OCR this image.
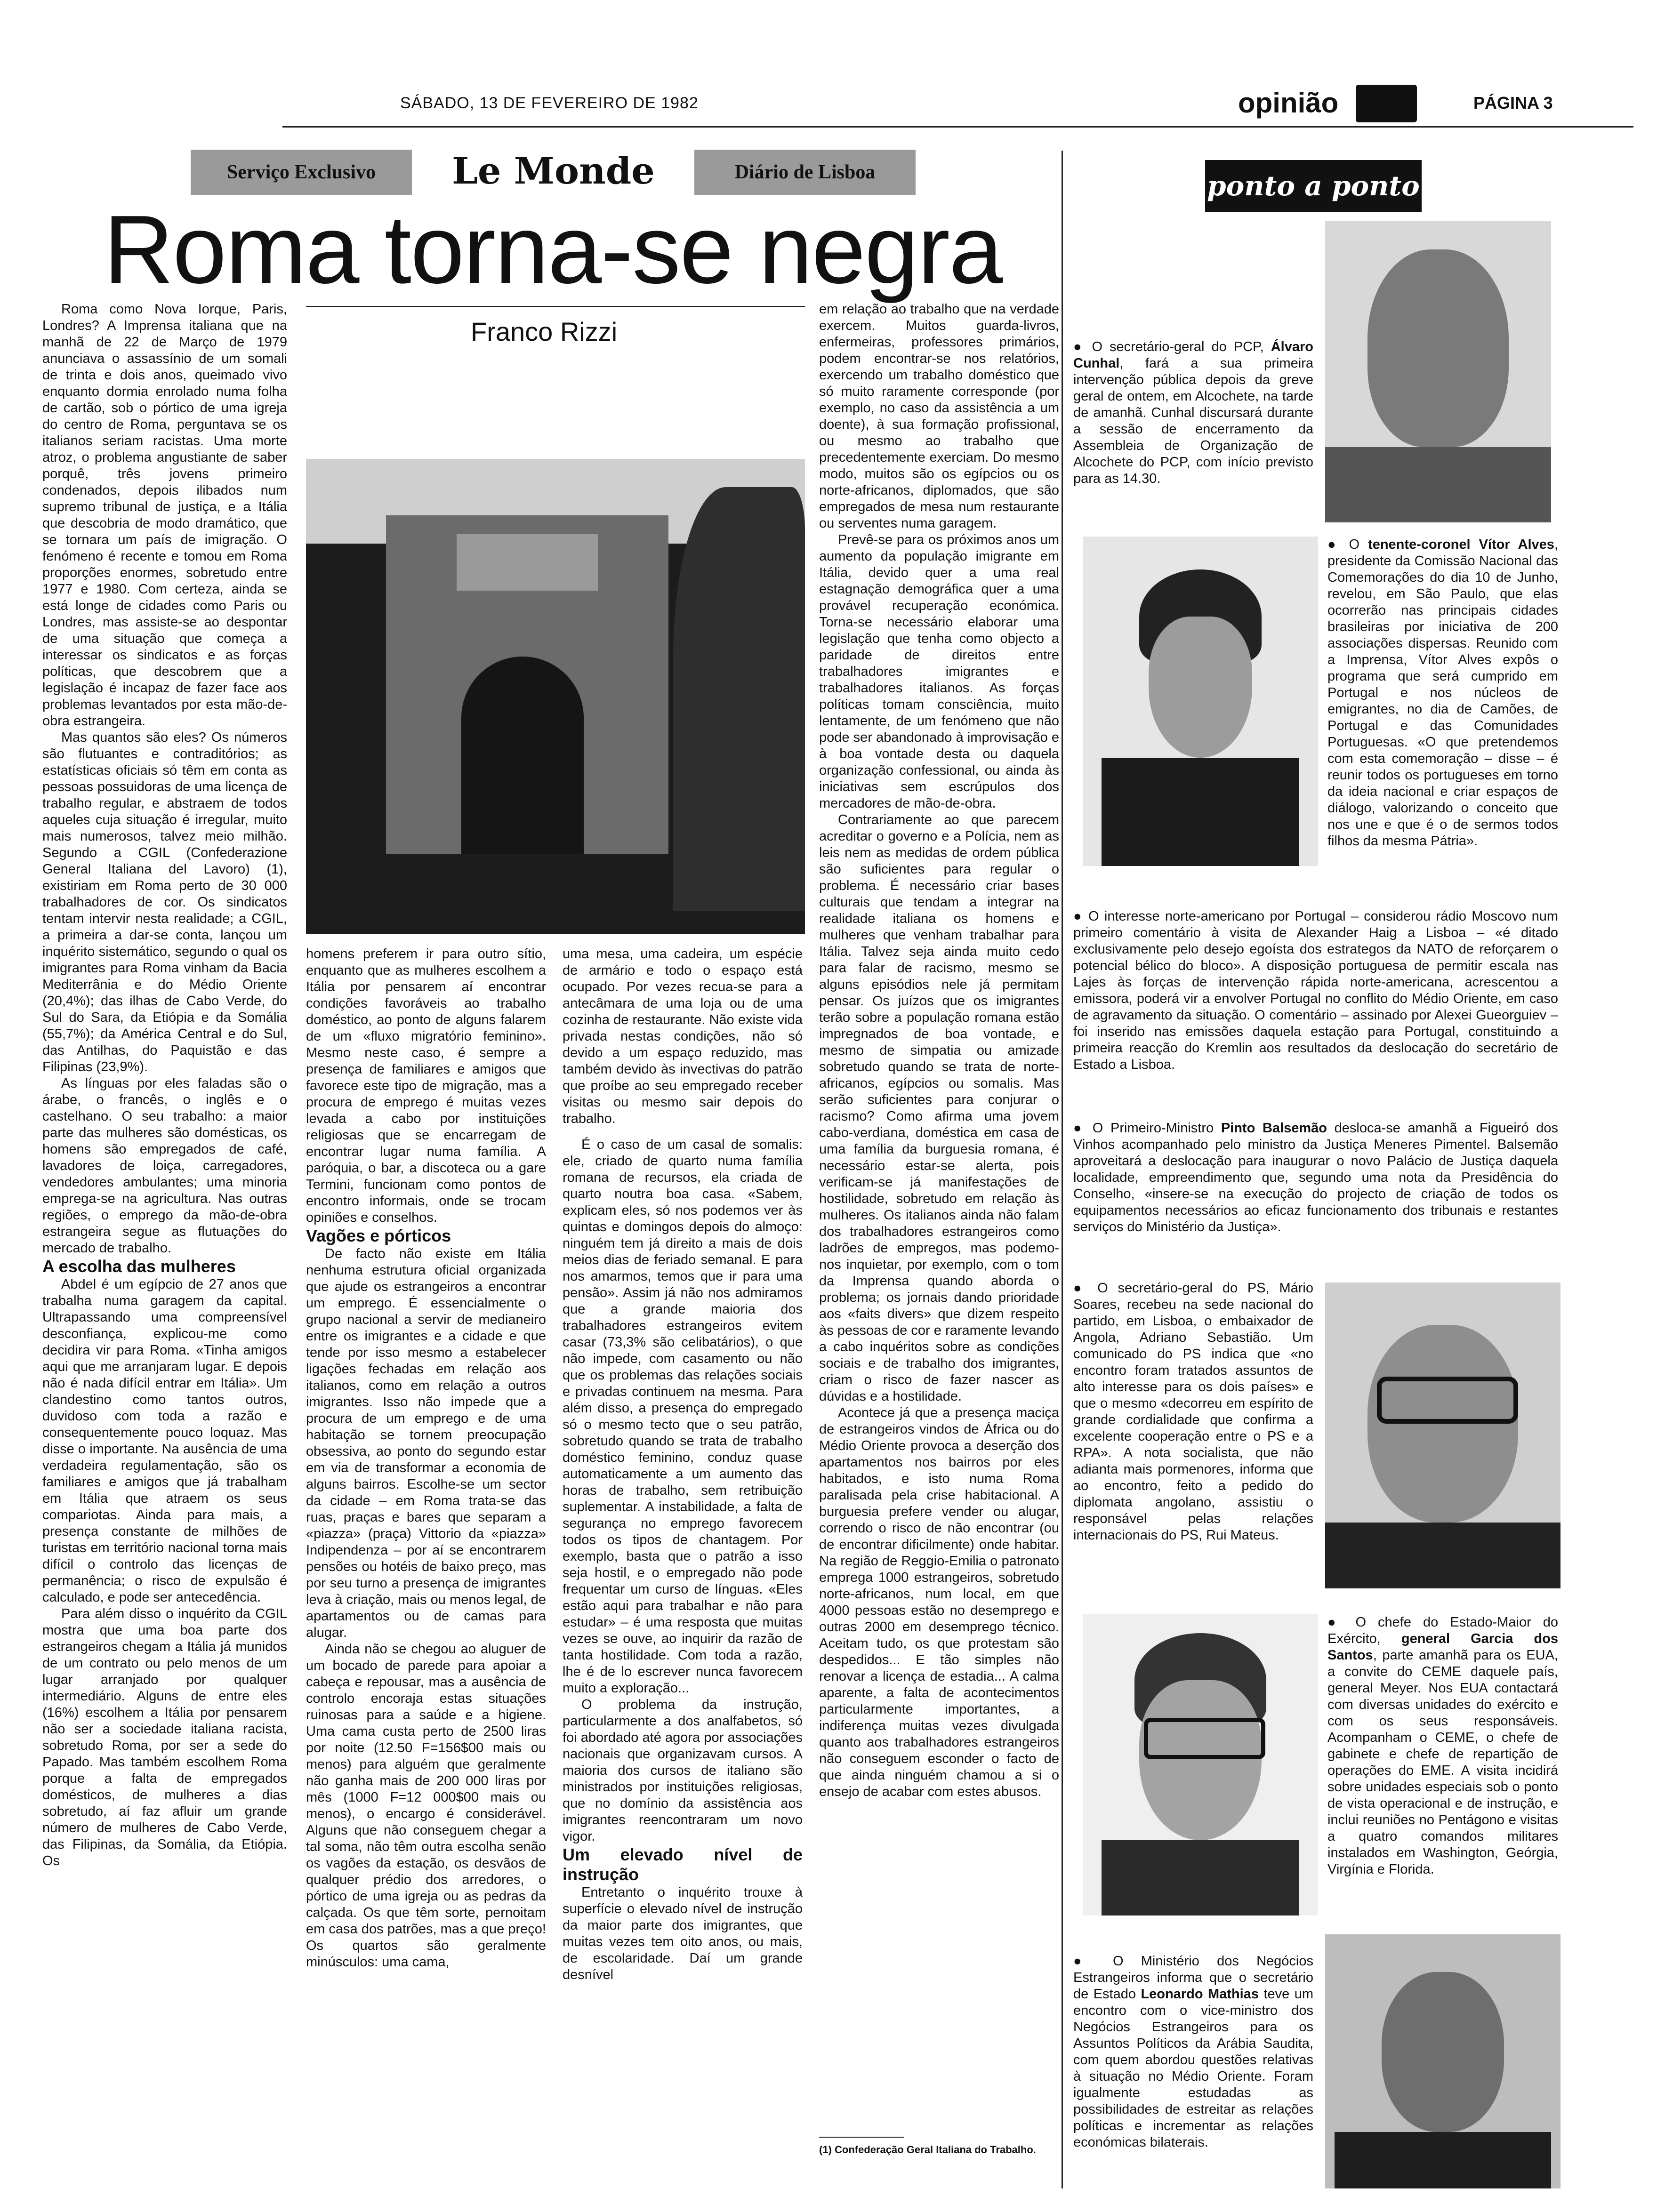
SÁBADO, 13 DE FEVEREIRO DE 1982	opinião	PÁGINA 3
Serviço Exclusivo Le Monde	Diário de Lisboa
Roma torna-se negra
Franco Rizzi

Roma como Nova Iorque, Paris, Londres? A Imprensa italiana que na manhã de 22 de Março de 1979 anunciava o assassínio de um somali de trinta e dois anos, queimado vivo enquanto dormia enrolado numa folha de cartão, sob o pórtico de uma igreja do centro de Roma, perguntava se os italianos seriam racistas. Uma morte atroz, o problema angustiante de saber porquê, três jovens primeiro condenados, depois ilibados num supremo tribunal de justiça, e a Itália que descobria de modo dramático, que se tornara um país de imigração. O fenómeno é recente e tomou em Roma proporções enormes, sobretudo entre 1977 e 1980. Com certeza, ainda se está longe de cidades como Paris ou Londres, mas assiste-se ao despontar de uma situação que começa a interessar os sindicatos e as forças políticas, que descobrem que a legislação é incapaz de fazer face aos problemas levantados por esta mão-de-obra estrangeira.

Mas quantos são eles? Os números são flutuantes e contraditórios; as estatísticas oficiais só têm em conta as pessoas possuidoras de uma licença de trabalho regular, e abstraem de todos aqueles cuja situação é irregular, muito mais numerosos, talvez meio milhão. Segundo a CGIL (Confederazione General Italiana del Lavoro) (1), existiriam em Roma perto de 30 000 trabalhadores de cor. Os sindicatos tentam intervir nesta realidade; a CGIL, a primeira a dar-se conta, lançou um inquérito sistemático, segundo o qual os imigrantes para Roma vinham da Bacia Mediterrânia e do Médio Oriente (20,4%); das ilhas de Cabo Verde, do Sul do Sara, da Etiópia e da Somália (55,7%); da América Central e do Sul, das Antilhas, do Paquistão e das Filipinas (23,9%).

As línguas por eles faladas são o árabe, o francês, o inglês e o castelhano. O seu trabalho: a maior parte das mulheres são domésticas, os homens são empregados de café, lavadores de loiça, carregadores, vendedores ambulantes; uma minoria emprega-se na agricultura. Nas outras regiões, o emprego da mão-de-obra estrangeira segue as flutuações do mercado de trabalho.

A escolha das mulheres

Abdel é um egípcio de 27 anos que trabalha numa garagem da capital. Ultrapassando uma compreensível desconfiança, explicou-me como decidira vir para Roma. «Tinha amigos aqui que me arranjaram lugar. E depois não é nada difícil entrar em Itália». Um clandestino como tantos outros, duvidoso com toda a razão e consequentemente pouco loquaz. Mas disse o importante. Na ausência de uma verdadeira regulamentação, são os familiares e amigos que já trabalham em Itália que atraem os seus compariotas. Ainda para mais, a presença constante de milhões de turistas em território nacional torna mais difícil o controlo das licenças de permanência; o risco de expulsão é calculado, e pode ser antecedência.

Para além disso o inquérito da CGIL mostra que uma boa parte dos estrangeiros chegam a Itália já munidos de um contrato ou pelo menos de um lugar arranjado por qualquer intermediário. Alguns de entre eles (16%) escolhem a Itália por pensarem não ser a sociedade italiana racista, sobretudo Roma, por ser a sede do Papado. Mas também escolhem Roma porque a falta de empregados domésticos, de mulheres a dias sobretudo, aí faz afluir um grande número de mulheres de Cabo Verde, das Filipinas, da Somália, da Etiópia. Os

homens preferem ir para outro sítio, enquanto que as mulheres escolhem a Itália por pensarem aí encontrar condições favoráveis ao trabalho doméstico, ao ponto de alguns falarem de um «fluxo migratório feminino». Mesmo neste caso, é sempre a presença de familiares e amigos que favorece este tipo de migração, mas a procura de emprego é muitas vezes levada a cabo por instituições religiosas que se encarregam de encontrar lugar numa família. A paróquia, o bar, a discoteca ou a gare Termini, funcionam como pontos de encontro informais, onde se trocam opiniões e conselhos.

Vagões e pórticos

De facto não existe em Itália nenhuma estrutura oficial organizada que ajude os estrangeiros a encontrar um emprego. É essencialmente o grupo nacional a servir de medianeiro entre os imigrantes e a cidade e que tende por isso mesmo a estabelecer ligações fechadas em relação aos italianos, como em relação a outros imigrantes. Isso não impede que a procura de um emprego e de uma habitação se tornem preocupação obsessiva, ao ponto do segundo estar em via de transformar a economia de alguns bairros. Escolhe-se um sector da cidade – em Roma trata-se das ruas, praças e bares que separam a «piazza» (praça) Vittorio da «piazza» Indipendenza – por aí se encontrarem pensões ou hotéis de baixo preço, mas por seu turno a presença de imigrantes leva à criação, mais ou menos legal, de apartamentos ou de camas para alugar.

Ainda não se chegou ao aluguer de um bocado de parede para apoiar a cabeça e repousar, mas a ausência de controlo encoraja estas situações ruinosas para a saúde e a higiene. Uma cama custa perto de 2500 liras por noite (12.50 F=156$00 mais ou menos) para alguém que geralmente não ganha mais de 200 000 liras por mês (1000 F=12 000$00 mais ou menos), o encargo é considerável. Alguns que não conseguem chegar a tal soma, não têm outra escolha senão os vagões da estação, os desvãos de qualquer prédio dos arredores, o pórtico de uma igreja ou as pedras da calçada. Os que têm sorte, pernoitam em casa dos patrões, mas a que preço! Os quartos são geralmente minúsculos: uma cama,

uma mesa, uma cadeira, um espécie de armário e todo o espaço está ocupado. Por vezes recua-se para a antecâmara de uma loja ou de uma cozinha de restaurante. Não existe vida privada nestas condições, não só devido a um espaço reduzido, mas também devido às invectivas do patrão que proíbe ao seu empregado receber visitas ou mesmo sair depois do trabalho.

É o caso de um casal de somalis: ele, criado de quarto numa família romana de recursos, ela criada de quarto noutra boa casa. «Sabem, explicam eles, só nos podemos ver às quintas e domingos depois do almoço: ninguém tem já direito a mais de dois meios dias de feriado semanal. E para nos amarmos, temos que ir para uma pensão». Assim já não nos admiramos que a grande maioria dos trabalhadores estrangeiros evitem casar (73,3% são celibatários), o que não impede, com casamento ou não que os problemas das relações sociais e privadas continuem na mesma. Para além disso, a presença do empregado só o mesmo tecto que o seu patrão, sobretudo quando se trata de trabalho doméstico feminino, conduz quase automaticamente a um aumento das horas de trabalho, sem retribuição suplementar. A instabilidade, a falta de segurança no emprego favorecem todos os tipos de chantagem. Por exemplo, basta que o patrão a isso seja hostil, e o empregado não pode frequentar um curso de línguas. «Eles estão aqui para trabalhar e não para estudar» – é uma resposta que muitas vezes se ouve, ao inquirir da razão de tanta hostilidade. Com toda a razão, lhe é de lo escrever nunca favorecem muito a exploração...

O problema da instrução, particularmente a dos analfabetos, só foi abordado até agora por associações nacionais que organizavam cursos. A maioria dos cursos de italiano são ministrados por instituições religiosas, que no domínio da assistência aos imigrantes reencontraram um novo vigor.

Um elevado nível de instrução

Entretanto o inquérito trouxe à superfície o elevado nível de instrução da maior parte dos imigrantes, que muitas vezes tem oito anos, ou mais, de escolaridade. Daí um grande desnível

em relação ao trabalho que na verdade exercem. Muitos guarda-livros, enfermeiras, professores primários, podem encontrar-se nos relatórios, exercendo um trabalho doméstico que só muito raramente corresponde (por exemplo, no caso da assistência a um doente), à sua formação profissional, ou mesmo ao trabalho que precedentemente exerciam. Do mesmo modo, muitos são os egípcios ou os norte-africanos, diplomados, que são empregados de mesa num restaurante ou serventes numa garagem.

Prevê-se para os próximos anos um aumento da população imigrante em Itália, devido quer a uma real estagnação demográfica quer a uma provável recuperação económica. Torna-se necessário elaborar uma legislação que tenha como objecto a paridade de direitos entre trabalhadores imigrantes e trabalhadores italianos. As forças políticas tomam consciência, muito lentamente, de um fenómeno que não pode ser abandonado à improvisação e à boa vontade desta ou daquela organização confessional, ou ainda às iniciativas sem escrúpulos dos mercadores de mão-de-obra.

Contrariamente ao que parecem acreditar o governo e a Polícia, nem as leis nem as medidas de ordem pública são suficientes para regular o problema. É necessário criar bases culturais que tendam a integrar na realidade italiana os homens e mulheres que venham trabalhar para Itália. Talvez seja ainda muito cedo para falar de racismo, mesmo se alguns episódios nele já permitam pensar. Os juízos que os imigrantes terão sobre a população romana estão impregnados de boa vontade, e mesmo de simpatia ou amizade sobretudo quando se trata de norte-africanos, egípcios ou somalis. Mas serão suficientes para conjurar o racismo? Como afirma uma jovem cabo-verdiana, doméstica em casa de uma família da burguesia romana, é necessário estar-se alerta, pois verificam-se já manifestações de hostilidade, sobretudo em relação às mulheres. Os italianos ainda não falam dos trabalhadores estrangeiros como ladrões de empregos, mas podemo-nos inquietar, por exemplo, com o tom da Imprensa quando aborda o problema; os jornais dando prioridade aos «faits divers» que dizem respeito às pessoas de cor e raramente levando a cabo inquéritos sobre as condições sociais e de trabalho dos imigrantes, criam o risco de fazer nascer as dúvidas e a hostilidade.

Acontece já que a presença maciça de estrangeiros vindos de África ou do Médio Oriente provoca a deserção dos apartamentos nos bairros por eles habitados, e isto numa Roma paralisada pela crise habitacional. A burguesia prefere vender ou alugar, correndo o risco de não encontrar (ou de encontrar dificilmente) onde habitar. Na região de Reggio-Emilia o patronato emprega 1000 estrangeiros, sobretudo norte-africanos, num local, em que 4000 pessoas estão no desemprego e outras 2000 em desemprego técnico. Aceitam tudo, os que protestam são despedidos... E tão simples não renovar a licença de estadia... A calma aparente, a falta de acontecimentos particularmente importantes, a indiferença muitas vezes divulgada quanto aos trabalhadores estrangeiros não conseguem esconder o facto de que ainda ninguém chamou a si o ensejo de acabar com estes abusos.

(1) Confederação Geral Italiana do Trabalho.
ponto a ponto

● O secretário-geral do PCP, Álvaro Cunhal, fará a sua primeira intervenção pública depois da greve geral de ontem, em Alcochete, na tarde de amanhã. Cunhal discursará durante a sessão de encerramento da Assembleia de Organização de Alcochete do PCP, com início previsto para as 14.30.

● O tenente-coronel Vítor Alves, presidente da Comissão Nacional das Comemorações do dia 10 de Junho, revelou, em São Paulo, que elas ocorrerão nas principais cidades brasileiras por iniciativa de 200 associações dispersas. Reunido com a Imprensa, Vítor Alves expôs o programa que será cumprido em Portugal e nos núcleos de emigrantes, no dia de Camões, de Portugal e das Comunidades Portuguesas. «O que pretendemos com esta comemoração – disse – é reunir todos os portugueses em torno da ideia nacional e criar espaços de diálogo, valorizando o conceito que nos une e que é o de sermos todos filhos da mesma Pátria».

● O interesse norte-americano por Portugal – considerou rádio Moscovo num primeiro comentário à visita de Alexander Haig a Lisboa – «é ditado exclusivamente pelo desejo egoísta dos estrategos da NATO de reforçarem o potencial bélico do bloco». A disposição portuguesa de permitir escala nas Lajes às forças de intervenção rápida norte-americana, acrescentou a emissora, poderá vir a envolver Portugal no conflito do Médio Oriente, em caso de agravamento da situação. O comentário – assinado por Alexei Gueorguiev – foi inserido nas emissões daquela estação para Portugal, constituindo a primeira reacção do Kremlin aos resultados da deslocação do secretário de Estado a Lisboa.

● O Primeiro-Ministro Pinto Balsemão desloca-se amanhã a Figueiró dos Vinhos acompanhado pelo ministro da Justiça Meneres Pimentel. Balsemão aproveitará a deslocação para inaugurar o novo Palácio de Justiça daquela localidade, empreendimento que, segundo uma nota da Presidência do Conselho, «insere-se na execução do projecto de criação de todos os equipamentos necessários ao eficaz funcionamento dos tribunais e restantes serviços do Ministério da Justiça».

● O secretário-geral do PS, Mário Soares, recebeu na sede nacional do partido, em Lisboa, o embaixador de Angola, Adriano Sebastião. Um comunicado do PS indica que «no encontro foram tratados assuntos de alto interesse para os dois países» e que o mesmo «decorreu em espírito de grande cordialidade que confirma a excelente cooperação entre o PS e a RPA». A nota socialista, que não adianta mais pormenores, informa que ao encontro, feito a pedido do diplomata angolano, assistiu o responsável pelas relações internacionais do PS, Rui Mateus.

● O chefe do Estado-Maior do Exército, general Garcia dos Santos, parte amanhã para os EUA, a convite do CEME daquele país, general Meyer. Nos EUA contactará com diversas unidades do exército e com os seus responsáveis. Acompanham o CEME, o chefe de gabinete e chefe de repartição de operações do EME. A visita incidirá sobre unidades especiais sob o ponto de vista operacional e de instrução, e inclui reuniões no Pentágono e visitas a quatro comandos militares instalados em Washington, Geórgia, Virgínia e Florida.

● O Ministério dos Negócios Estrangeiros informa que o secretário de Estado Leonardo Mathias teve um encontro com o vice-ministro dos Negócios Estrangeiros para os Assuntos Políticos da Arábia Saudita, com quem abordou questões relativas à situação no Médio Oriente. Foram igualmente estudadas as possibilidades de estreitar as relações políticas e incrementar as relações económicas bilaterais.
